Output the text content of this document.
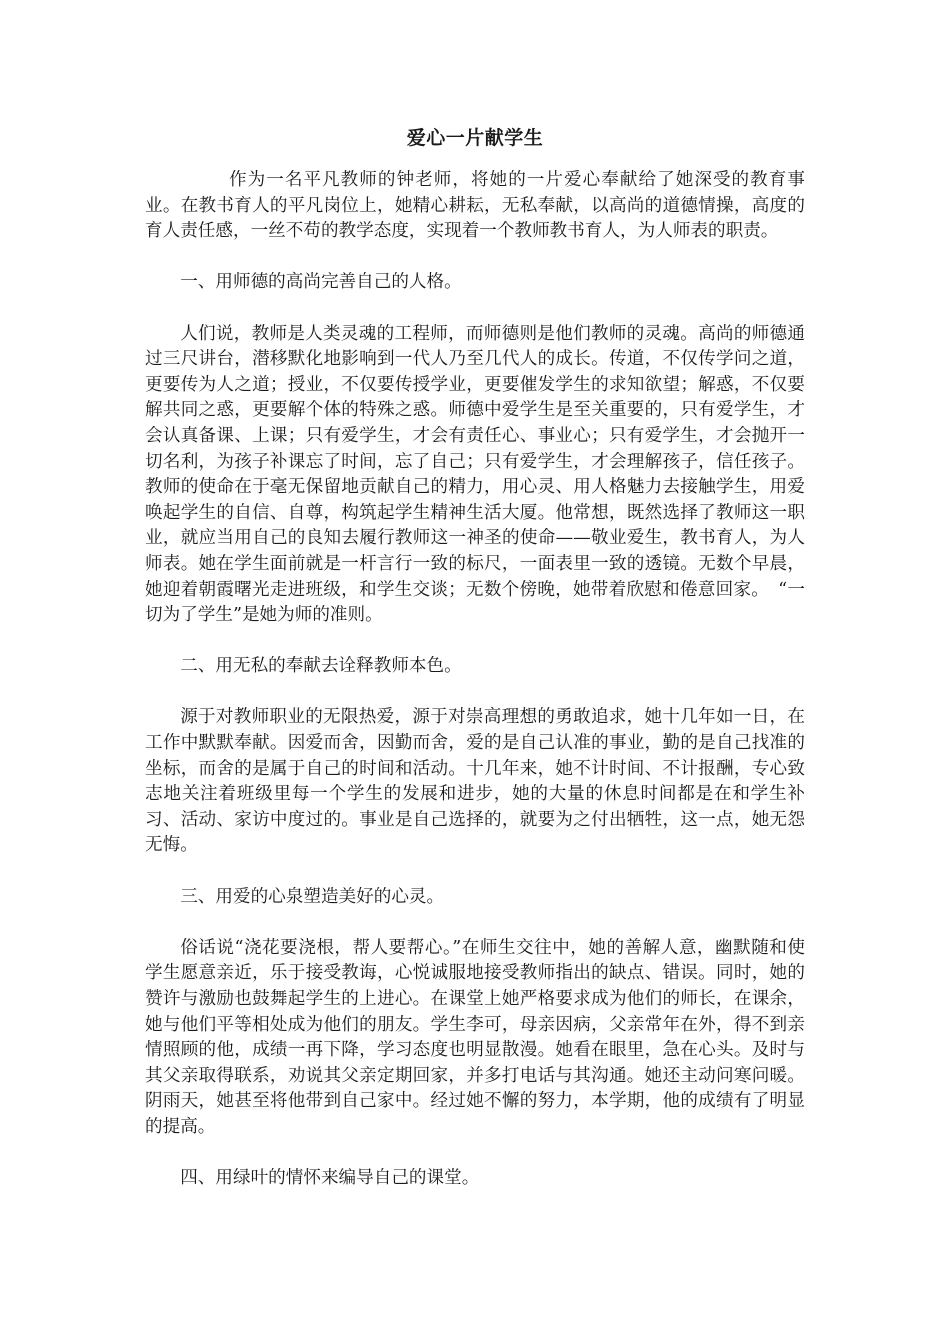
爱心一片献学生

作为一名平凡教师的钟老师，将她的一片爱心奉献给了她深受的教育事业。在教书育人的平凡岗位上，她精心耕耘，无私奉献，以高尚的道德情操，高度的育人责任感，一丝不苟的教学态度，实现着一个教师教书育人，为人师表的职责。

一、用师德的高尚完善自己的人格。

人们说，教师是人类灵魂的工程师，而师德则是他们教师的灵魂。高尚的师德通过三尺讲台，潜移默化地影响到一代人乃至几代人的成长。传道，不仅传学问之道，更要传为人之道；授业，不仅要传授学业，更要催发学生的求知欲望；解惑，不仅要解共同之惑，更要解个体的特殊之惑。师德中爱学生是至关重要的，只有爱学生，才会认真备课、上课；只有爱学生，才会有责任心、事业心；只有爱学生，才会抛开一切名利，为孩子补课忘了时间，忘了自己；只有爱学生，才会理解孩子，信任孩子。教师的使命在于毫无保留地贡献自己的精力，用心灵、用人格魅力去接触学生，用爱唤起学生的自信、自尊，构筑起学生精神生活大厦。他常想，既然选择了教师这一职业，就应当用自己的良知去履行教师这一神圣的使命——敬业爱生，教书育人，为人师表。她在学生面前就是一杆言行一致的标尺，一面表里一致的透镜。无数个早晨，她迎着朝霞曙光走进班级，和学生交谈；无数个傍晚，她带着欣慰和倦意回家。　“一切为了学生”是她为师的准则。

二、用无私的奉献去诠释教师本色。

源于对教师职业的无限热爱，源于对崇高理想的勇敢追求，她十几年如一日，在工作中默默奉献。因爱而舍，因勤而舍，爱的是自己认准的事业，勤的是自己找准的坐标，而舍的是属于自己的时间和活动。十几年来，她不计时间、不计报酬，专心致志地关注着班级里每一个学生的发展和进步，她的大量的休息时间都是在和学生补习、活动、家访中度过的。事业是自己选择的，就要为之付出牺牲，这一点，她无怨无悔。

三、用爱的心泉塑造美好的心灵。

俗话说“浇花要浇根，帮人要帮心。”在师生交往中，她的善解人意，幽默随和使学生愿意亲近，乐于接受教诲，心悦诚服地接受教师指出的缺点、错误。同时，她的赞许与激励也鼓舞起学生的上进心。在课堂上她严格要求成为他们的师长，在课余，她与他们平等相处成为他们的朋友。学生李可，母亲因病，父亲常年在外，得不到亲情照顾的他，成绩一再下降，学习态度也明显散漫。她看在眼里，急在心头。及时与其父亲取得联系，劝说其父亲定期回家，并多打电话与其沟通。她还主动问寒问暖。阴雨天，她甚至将他带到自己家中。经过她不懈的努力，本学期，他的成绩有了明显的提高。

四、用绿叶的情怀来编导自己的课堂。
